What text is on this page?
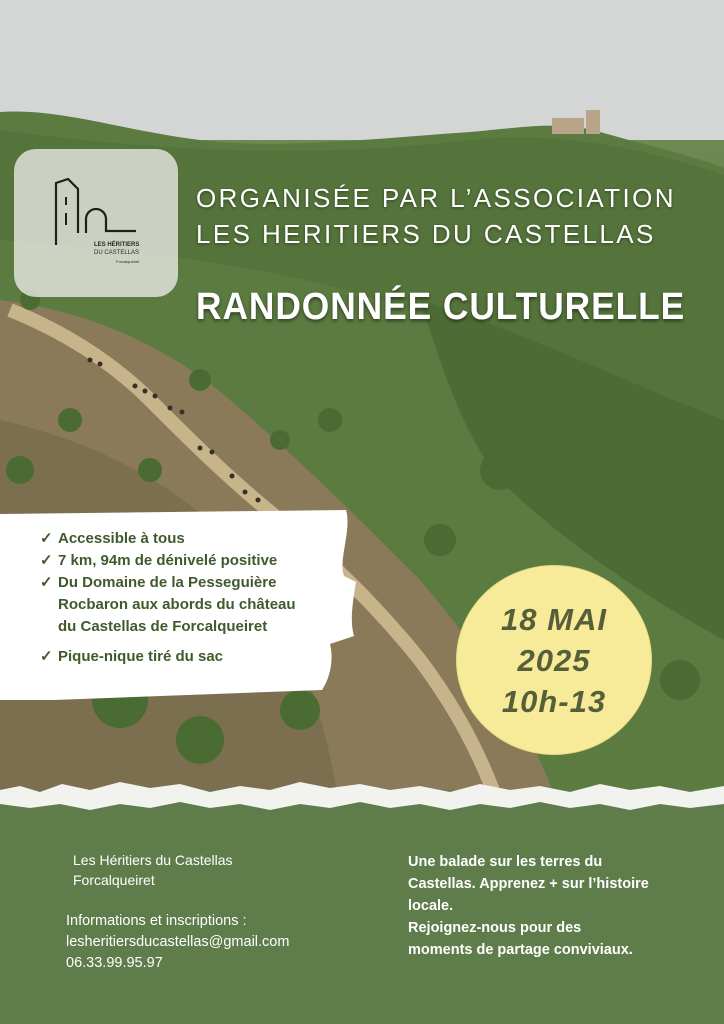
LES HÉRITIERS
DU CASTELLAS
Forcalqueiret
ORGANISÉE PAR L’ASSOCIATION
LES HERITIERS DU CASTELLAS
RANDONNÉE CULTURELLE
✓ Accessible à tous
✓ 7 km, 94m de dénivelé positive
✓ Du Domaine de la Pesseguière
Rocbaron aux abords du château
du Castellas de Forcalqueiret
✓ Pique-nique tiré du sac
18 MAI
2025
10h-13
Les Héritiers du Castellas
Forcalqueiret
Informations et inscriptions :
lesheritiersducastellas@gmail.com
06.33.99.95.97
Une balade sur les terres du
Castellas. Apprenez + sur l’histoire
locale.
Rejoignez-nous pour des
moments de partage conviviaux.
